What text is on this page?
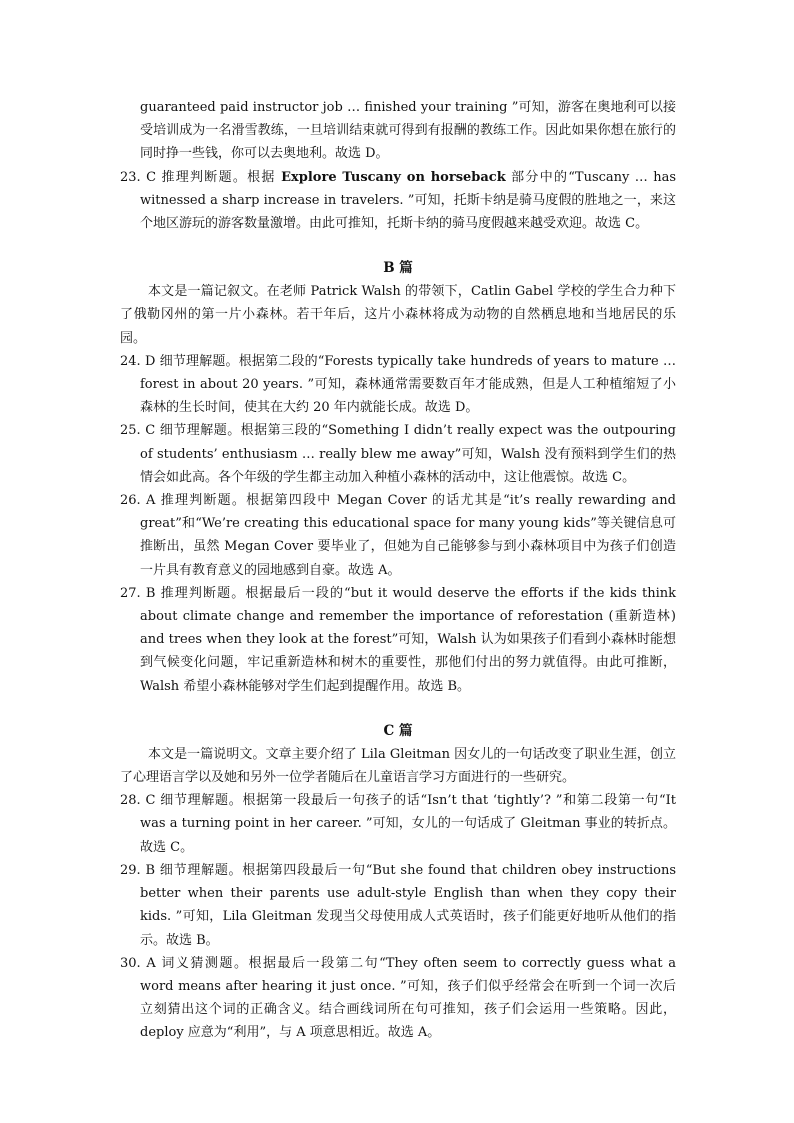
guaranteed paid instructor job … finished your training ”可知，游客在奥地利可以接受培训成为一名滑雪教练，一旦培训结束就可得到有报酬的教练工作。因此如果你想在旅行的同时挣一些钱，你可以去奥地利。故选 D。

23. C 推理判断题。根据 Explore Tuscany on horseback 部分中的“Tuscany … has witnessed a sharp increase in travelers. ”可知，托斯卡纳是骑马度假的胜地之一，来这个地区游玩的游客数量激增。由此可推知，托斯卡纳的骑马度假越来越受欢迎。故选 C。

B 篇

本文是一篇记叙文。在老师 Patrick Walsh 的带领下，Catlin Gabel 学校的学生合力种下了俄勒冈州的第一片小森林。若干年后，这片小森林将成为动物的自然栖息地和当地居民的乐园。

24. D 细节理解题。根据第二段的“Forests typically take hundreds of years to mature … forest in about 20 years. ”可知，森林通常需要数百年才能成熟，但是人工种植缩短了小森林的生长时间，使其在大约 20 年内就能长成。故选 D。

25. C 细节理解题。根据第三段的“Something I didn’t really expect was the outpouring of students’ enthusiasm … really blew me away”可知，Walsh 没有预料到学生们的热情会如此高。各个年级的学生都主动加入种植小森林的活动中，这让他震惊。故选 C。

26. A 推理判断题。根据第四段中 Megan Cover 的话尤其是“it’s really rewarding and great”和“We’re creating this educational space for many young kids”等关键信息可推断出，虽然 Megan Cover 要毕业了，但她为自己能够参与到小森林项目中为孩子们创造一片具有教育意义的园地感到自豪。故选 A。

27. B 推理判断题。根据最后一段的“but it would deserve the efforts if the kids think about climate change and remember the importance of reforestation (重新造林) and trees when they look at the forest”可知，Walsh 认为如果孩子们看到小森林时能想到气候变化问题，牢记重新造林和树木的重要性，那他们付出的努力就值得。由此可推断，Walsh 希望小森林能够对学生们起到提醒作用。故选 B。

C 篇

本文是一篇说明文。文章主要介绍了 Lila Gleitman 因女儿的一句话改变了职业生涯，创立了心理语言学以及她和另外一位学者随后在儿童语言学习方面进行的一些研究。

28. C 细节理解题。根据第一段最后一句孩子的话“Isn’t that ‘tightly’? ”和第二段第一句“It was a turning point in her career. ”可知，女儿的一句话成了 Gleitman 事业的转折点。故选 C。

29. B 细节理解题。根据第四段最后一句“But she found that children obey instructions better when their parents use adult-style English than when they copy their kids. ”可知，Lila Gleitman 发现当父母使用成人式英语时，孩子们能更好地听从他们的指示。故选 B。

30. A 词义猜测题。根据最后一段第二句“They often seem to correctly guess what a word means after hearing it just once. ”可知，孩子们似乎经常会在听到一个词一次后立刻猜出这个词的正确含义。结合画线词所在句可推知，孩子们会运用一些策略。因此，deploy 应意为“利用”，与 A 项意思相近。故选 A。
